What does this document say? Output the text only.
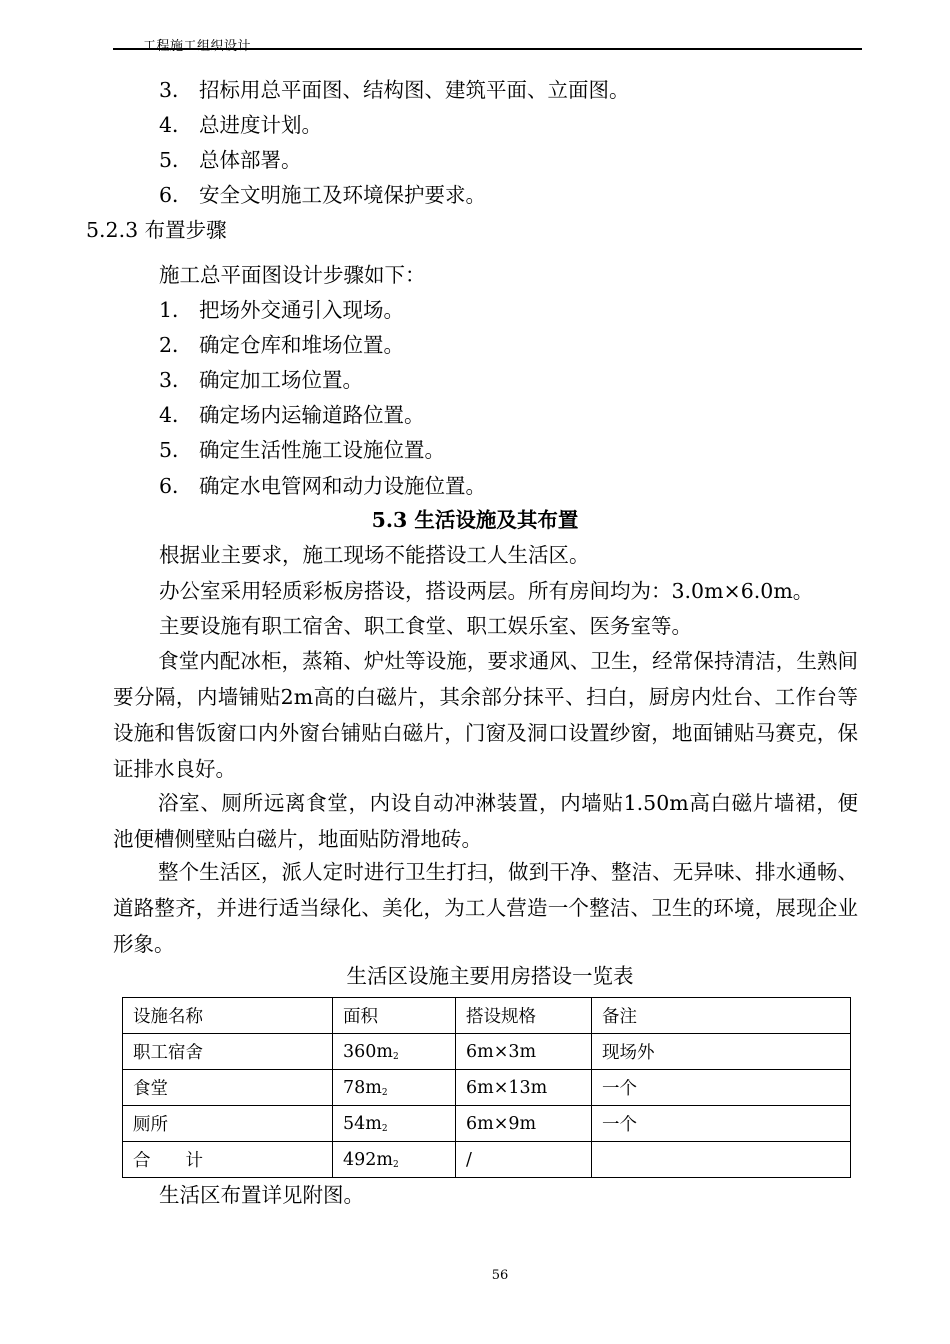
工程施工组织设计
3． 招标用总平面图、结构图、建筑平面、立面图。
4． 总进度计划。
5． 总体部署。
6． 安全文明施工及环境保护要求。
5.2.3 布置步骤
施工总平面图设计步骤如下：
1． 把场外交通引入现场。
2． 确定仓库和堆场位置。
3． 确定加工场位置。
4． 确定场内运输道路位置。
5． 确定生活性施工设施位置。
6． 确定水电管网和动力设施位置。
5.3 生活设施及其布置
根据业主要求，施工现场不能搭设工人生活区。
办公室采用轻质彩板房搭设，搭设两层。所有房间均为：3.0m×6.0m。
主要设施有职工宿舍、职工食堂、职工娱乐室、医务室等。
食堂内配冰柜，蒸箱、炉灶等设施，要求通风、卫生，经常保持清洁，生熟间要分隔，内墙铺贴2m高的白磁片，其余部分抹平、扫白，厨房内灶台、工作台等设施和售饭窗口内外窗台铺贴白磁片，门窗及洞口设置纱窗，地面铺贴马赛克，保证排水良好。
浴室、厕所远离食堂，内设自动冲淋装置，内墙贴1.50m高白磁片墙裙，便池便槽侧壁贴白磁片，地面贴防滑地砖。
整个生活区，派人定时进行卫生打扫，做到干净、整洁、无异味、排水通畅、道路整齐，并进行适当绿化、美化，为工人营造一个整洁、卫生的环境，展现企业形象。
生活区设施主要用房搭设一览表
设施名称	面积	搭设规格	备注
职工宿舍	360m2	6m×3m	现场外
食堂	78m2	6m×13m	一个
厕所	54m2	6m×9m	一个
合　　计	492m2	/	
生活区布置详见附图。
56
